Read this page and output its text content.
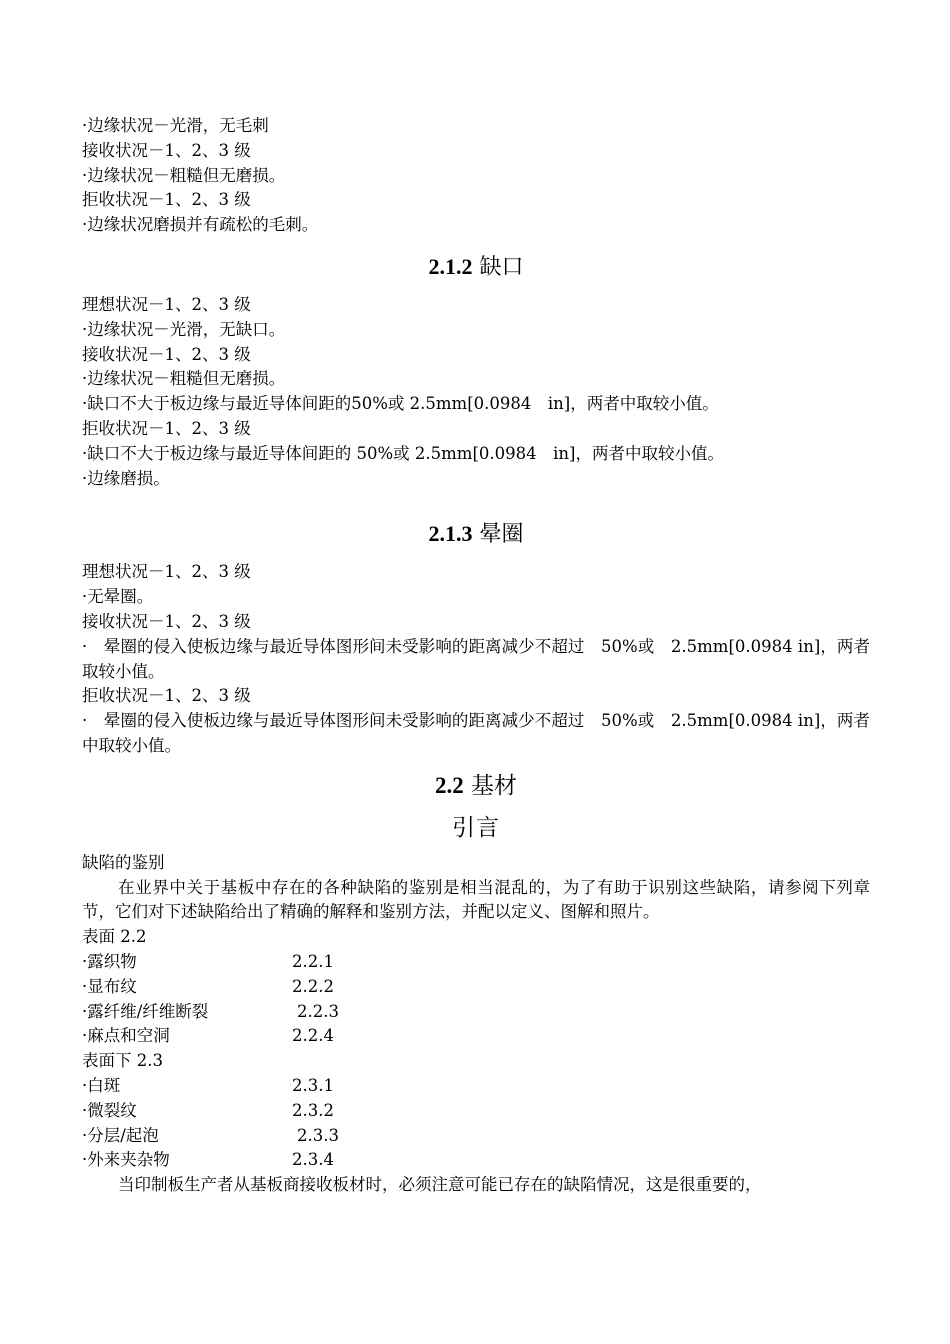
·边缘状况－光滑，无毛刺
接收状况－1、2、3 级
·边缘状况－粗糙但无磨损。
拒收状况－1、2、3 级
·边缘状况磨损并有疏松的毛刺。
2.1.2 缺口
理想状况－1、2、3 级
·边缘状况－光滑，无缺口。
接收状况－1、2、3 级
·边缘状况－粗糙但无磨损。
·缺口不大于板边缘与最近导体间距的50%或 2.5mm[0.0984　in]，两者中取较小值。
拒收状况－1、2、3 级
·缺口不大于板边缘与最近导体间距的 50%或 2.5mm[0.0984　in]，两者中取较小值。
·边缘磨损。
2.1.3 晕圈
理想状况－1、2、3 级
·无晕圈。
接收状况－1、2、3 级
·　晕圈的侵入使板边缘与最近导体图形间未受影响的距离减少不超过　50%或　2.5mm[0.0984 in]，两者取较小值。
拒收状况－1、2、3 级
·　晕圈的侵入使板边缘与最近导体图形间未受影响的距离减少不超过　50%或　2.5mm[0.0984 in]，两者中取较小值。
2.2 基材
引言
缺陷的鉴别
在业界中关于基板中存在的各种缺陷的鉴别是相当混乱的，为了有助于识别这些缺陷，请参阅下列章节，它们对下述缺陷给出了精确的解释和鉴别方法，并配以定义、图解和照片。
表面 2.2
·露织物	2.2.1
·显布纹	2.2.2
·露纤维/纤维断裂	2.2.3
·麻点和空洞	2.2.4
表面下 2.3
·白斑	2.3.1
·微裂纹	2.3.2
·分层/起泡	2.3.3
·外来夹杂物	2.3.4
当印制板生产者从基板商接收板材时，必须注意可能已存在的缺陷情况，这是很重要的，
